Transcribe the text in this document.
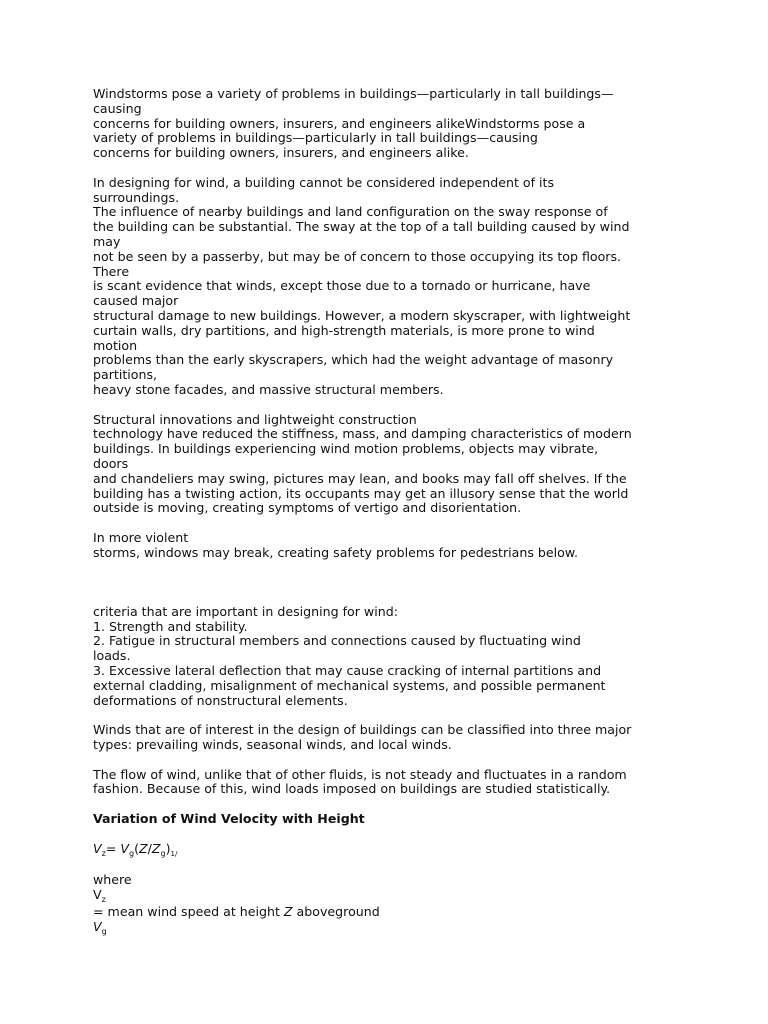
Windstorms pose a variety of problems in buildings—particularly in tall buildings—
causing
concerns for building owners, insurers, and engineers alikeWindstorms pose a
variety of problems in buildings—particularly in tall buildings—causing
concerns for building owners, insurers, and engineers alike.
In designing for wind, a building cannot be considered independent of its
surroundings.
The influence of nearby buildings and land configuration on the sway response of
the building can be substantial. The sway at the top of a tall building caused by wind
may
not be seen by a passerby, but may be of concern to those occupying its top floors.
There
is scant evidence that winds, except those due to a tornado or hurricane, have
caused major
structural damage to new buildings. However, a modern skyscraper, with lightweight
curtain walls, dry partitions, and high-strength materials, is more prone to wind
motion
problems than the early skyscrapers, which had the weight advantage of masonry
partitions,
heavy stone facades, and massive structural members.
Structural innovations and lightweight construction
technology have reduced the stiffness, mass, and damping characteristics of modern
buildings. In buildings experiencing wind motion problems, objects may vibrate,
doors
and chandeliers may swing, pictures may lean, and books may fall off shelves. If the
building has a twisting action, its occupants may get an illusory sense that the world
outside is moving, creating symptoms of vertigo and disorientation.
In more violent
storms, windows may break, creating safety problems for pedestrians below.
criteria that are important in designing for wind:
1. Strength and stability.
2. Fatigue in structural members and connections caused by fluctuating wind
loads.
3. Excessive lateral deflection that may cause cracking of internal partitions and
external cladding, misalignment of mechanical systems, and possible permanent
deformations of nonstructural elements.
Winds that are of interest in the design of buildings can be classified into three major
types: prevailing winds, seasonal winds, and local winds.
The flow of wind, unlike that of other fluids, is not steady and fluctuates in a random
fashion. Because of this, wind loads imposed on buildings are studied statistically.
Variation of Wind Velocity with Height
$V_z= V_g(Z/Z_g)_{1/}$
where
$V_z$
= mean wind speed at height Z aboveground
$V_g$
